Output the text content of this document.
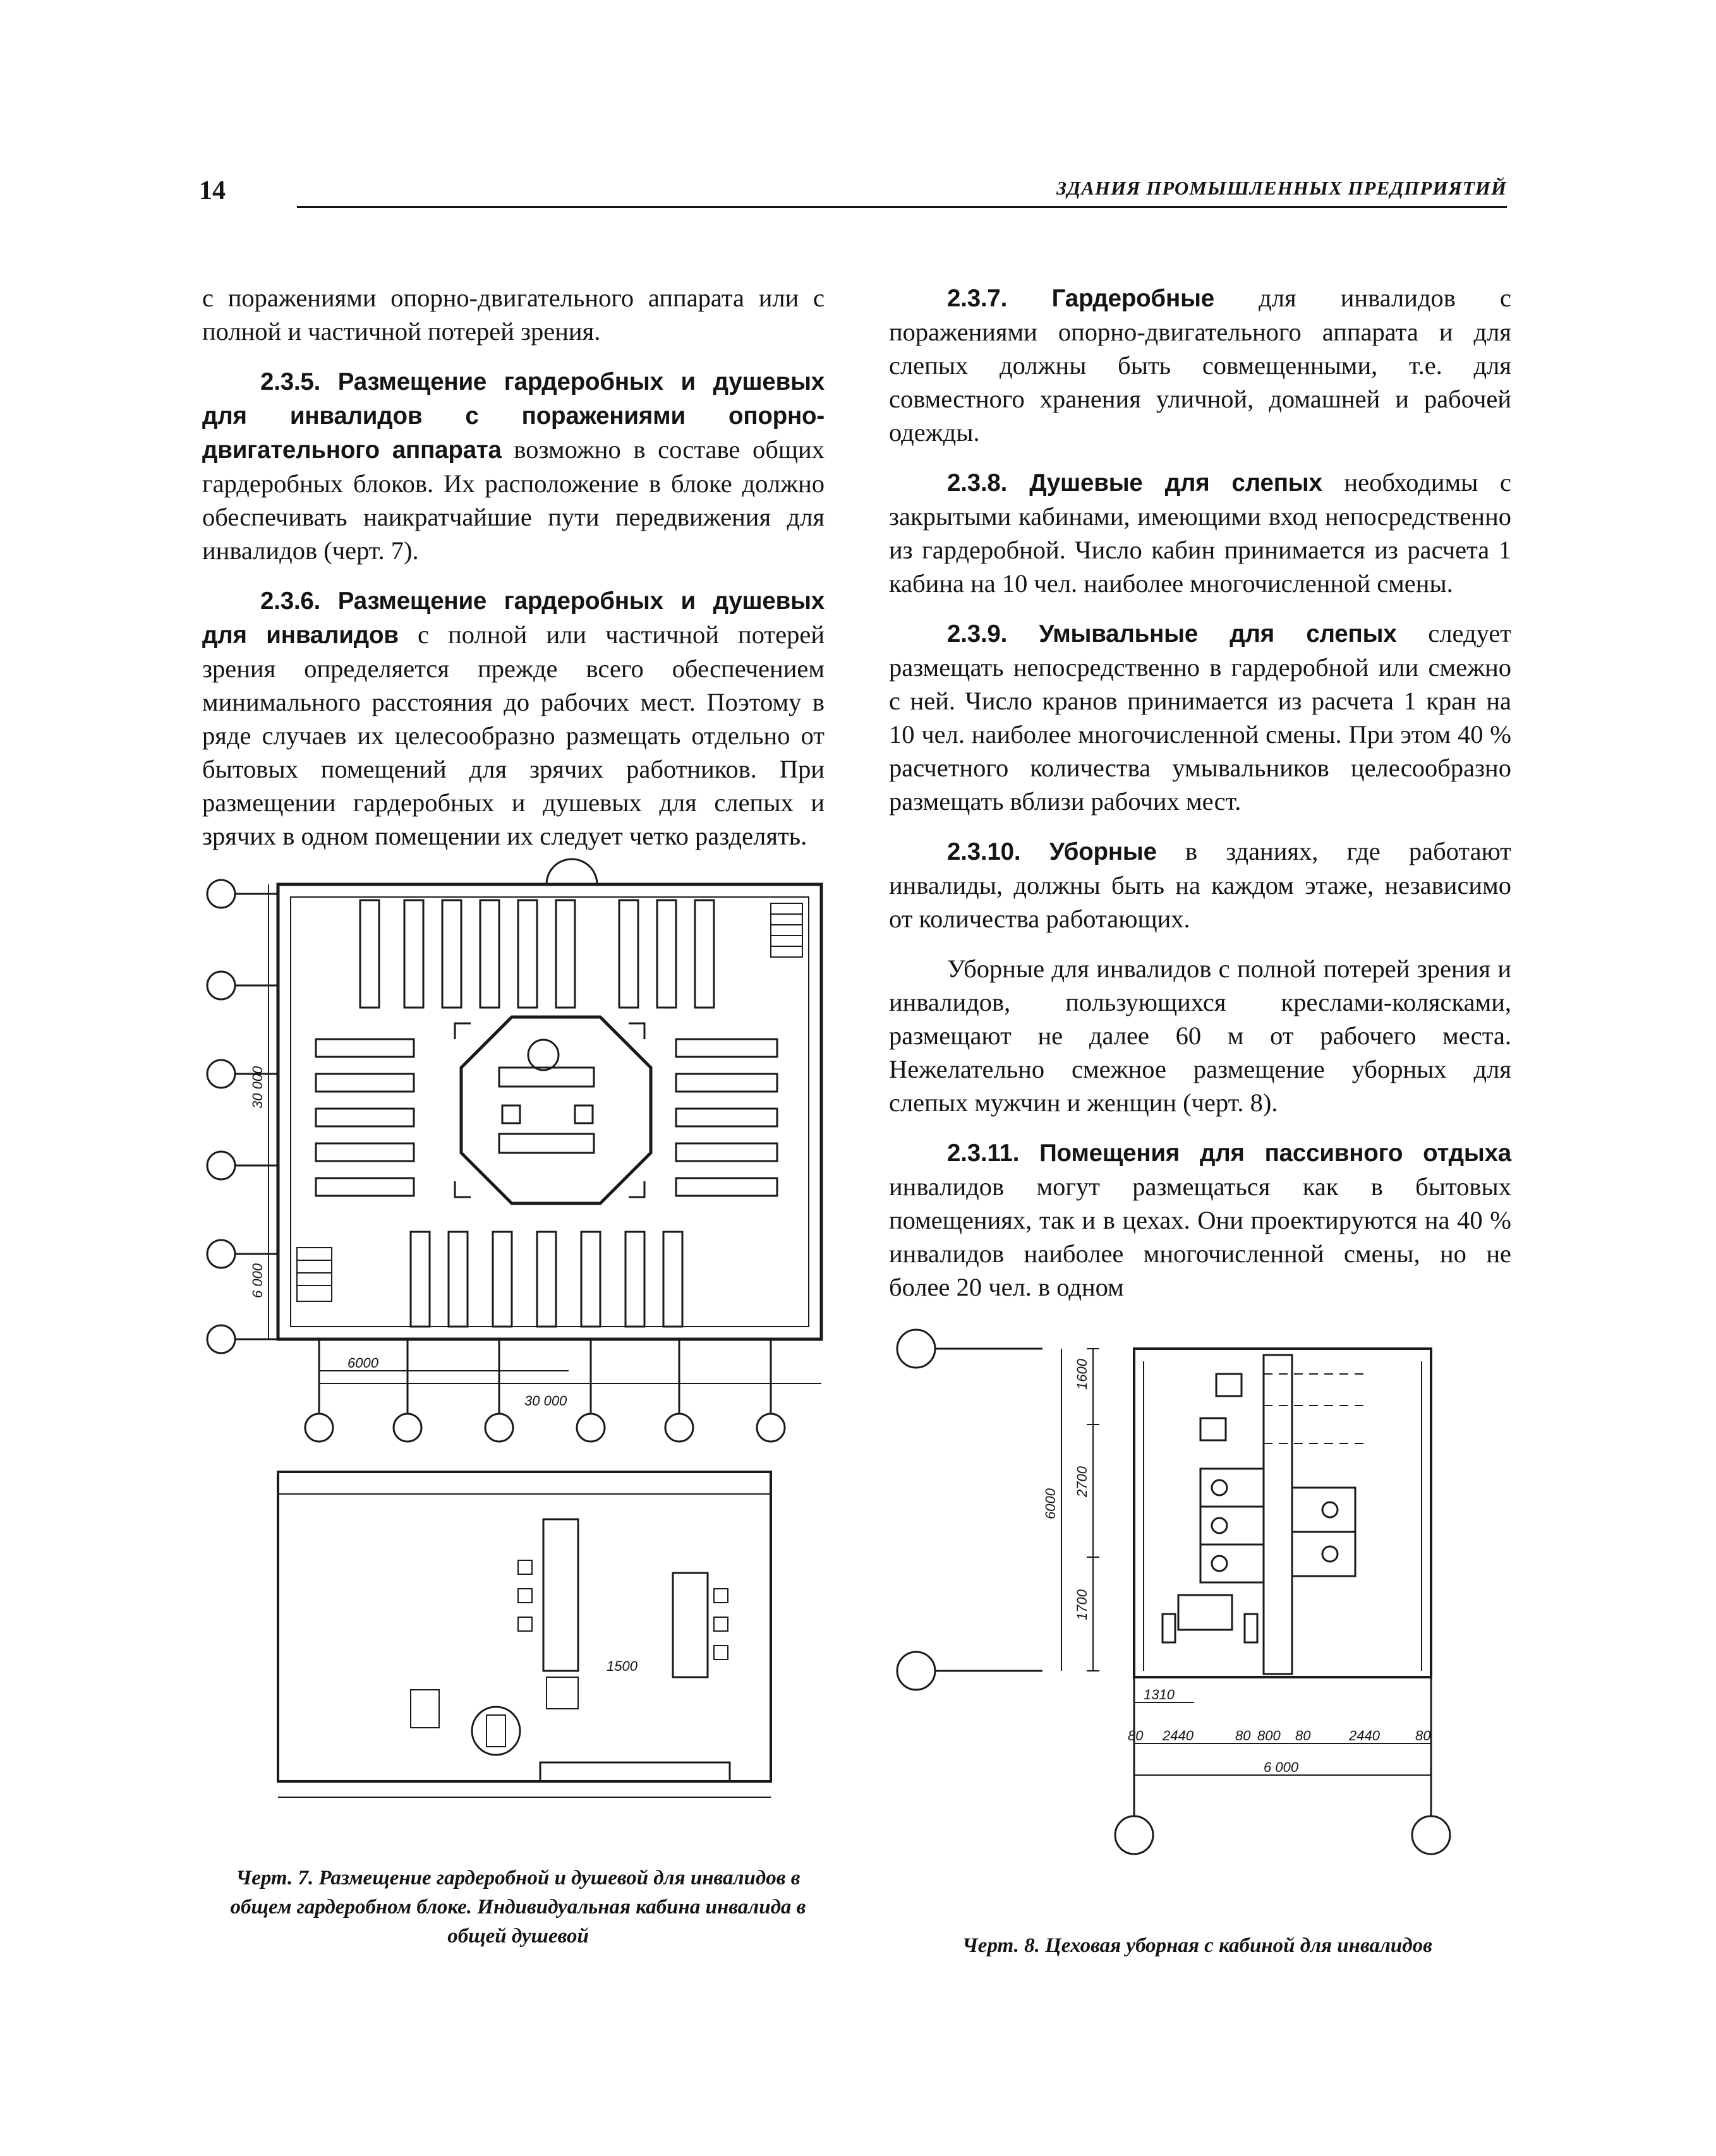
14	ЗДАНИЯ ПРОМЫШЛЕННЫХ ПРЕДПРИЯТИЙ

с поражениями опорно-двигательного аппарата или с полной и частичной потерей зрения.

2.3.5. Размещение гардеробных и душевых для инвалидов с поражениями опорно-двигательного аппарата возможно в составе общих гардеробных блоков. Их расположение в блоке должно обеспечивать наикратчайшие пути передвижения для инвалидов (черт. 7).

2.3.6. Размещение гардеробных и душевых для инвалидов с полной или частичной потерей зрения определяется прежде всего обеспечением минимального расстояния до рабочих мест. Поэтому в ряде случаев их целесообразно размещать отдельно от бытовых помещений для зрячих работников. При размещении гардеробных и душевых для слепых и зрячих в одном помещении их следует четко разделять.

2.3.7. Гардеробные для инвалидов с поражениями опорно-двигательного аппарата и для слепых должны быть совмещенными, т.е. для совместного хранения уличной, домашней и рабочей одежды.

2.3.8. Душевые для слепых необходимы с закрытыми кабинами, имеющими вход непосредственно из гардеробной. Число кабин принимается из расчета 1 кабина на 10 чел. наиболее многочисленной смены.

2.3.9. Умывальные для слепых следует размещать непосредственно в гардеробной или смежно с ней. Число кранов принимается из расчета 1 кран на 10 чел. наиболее многочисленной смены. При этом 40 % расчетного количества умывальников целесообразно размещать вблизи рабочих мест.

2.3.10. Уборные в зданиях, где работают инвалиды, должны быть на каждом этаже, независимо от количества работающих.

Уборные для инвалидов с полной потерей зрения и инвалидов, пользующихся креслами-колясками, размещают не далее 60 м от рабочего места. Нежелательно смежное размещение уборных для слепых мужчин и женщин (черт. 8).

2.3.11. Помещения для пассивного отдыха инвалидов могут размещаться как в бытовых помещениях, так и в цехах. Они проектируются на 40 % инвалидов наиболее многочисленной смены, но не более 20 чел. в одном

30 000
6 000
6000
30 000
1500
Черт. 7. Размещение гардеробной и душевой для инвалидов в общем гардеробном блоке. Индивидуальная кабина инвалида в общей душевой
1600
2700
6000
1700
1310
80 2440	80 800 80	2440	80
6 000
Черт. 8. Цеховая уборная с кабиной для инвалидов
